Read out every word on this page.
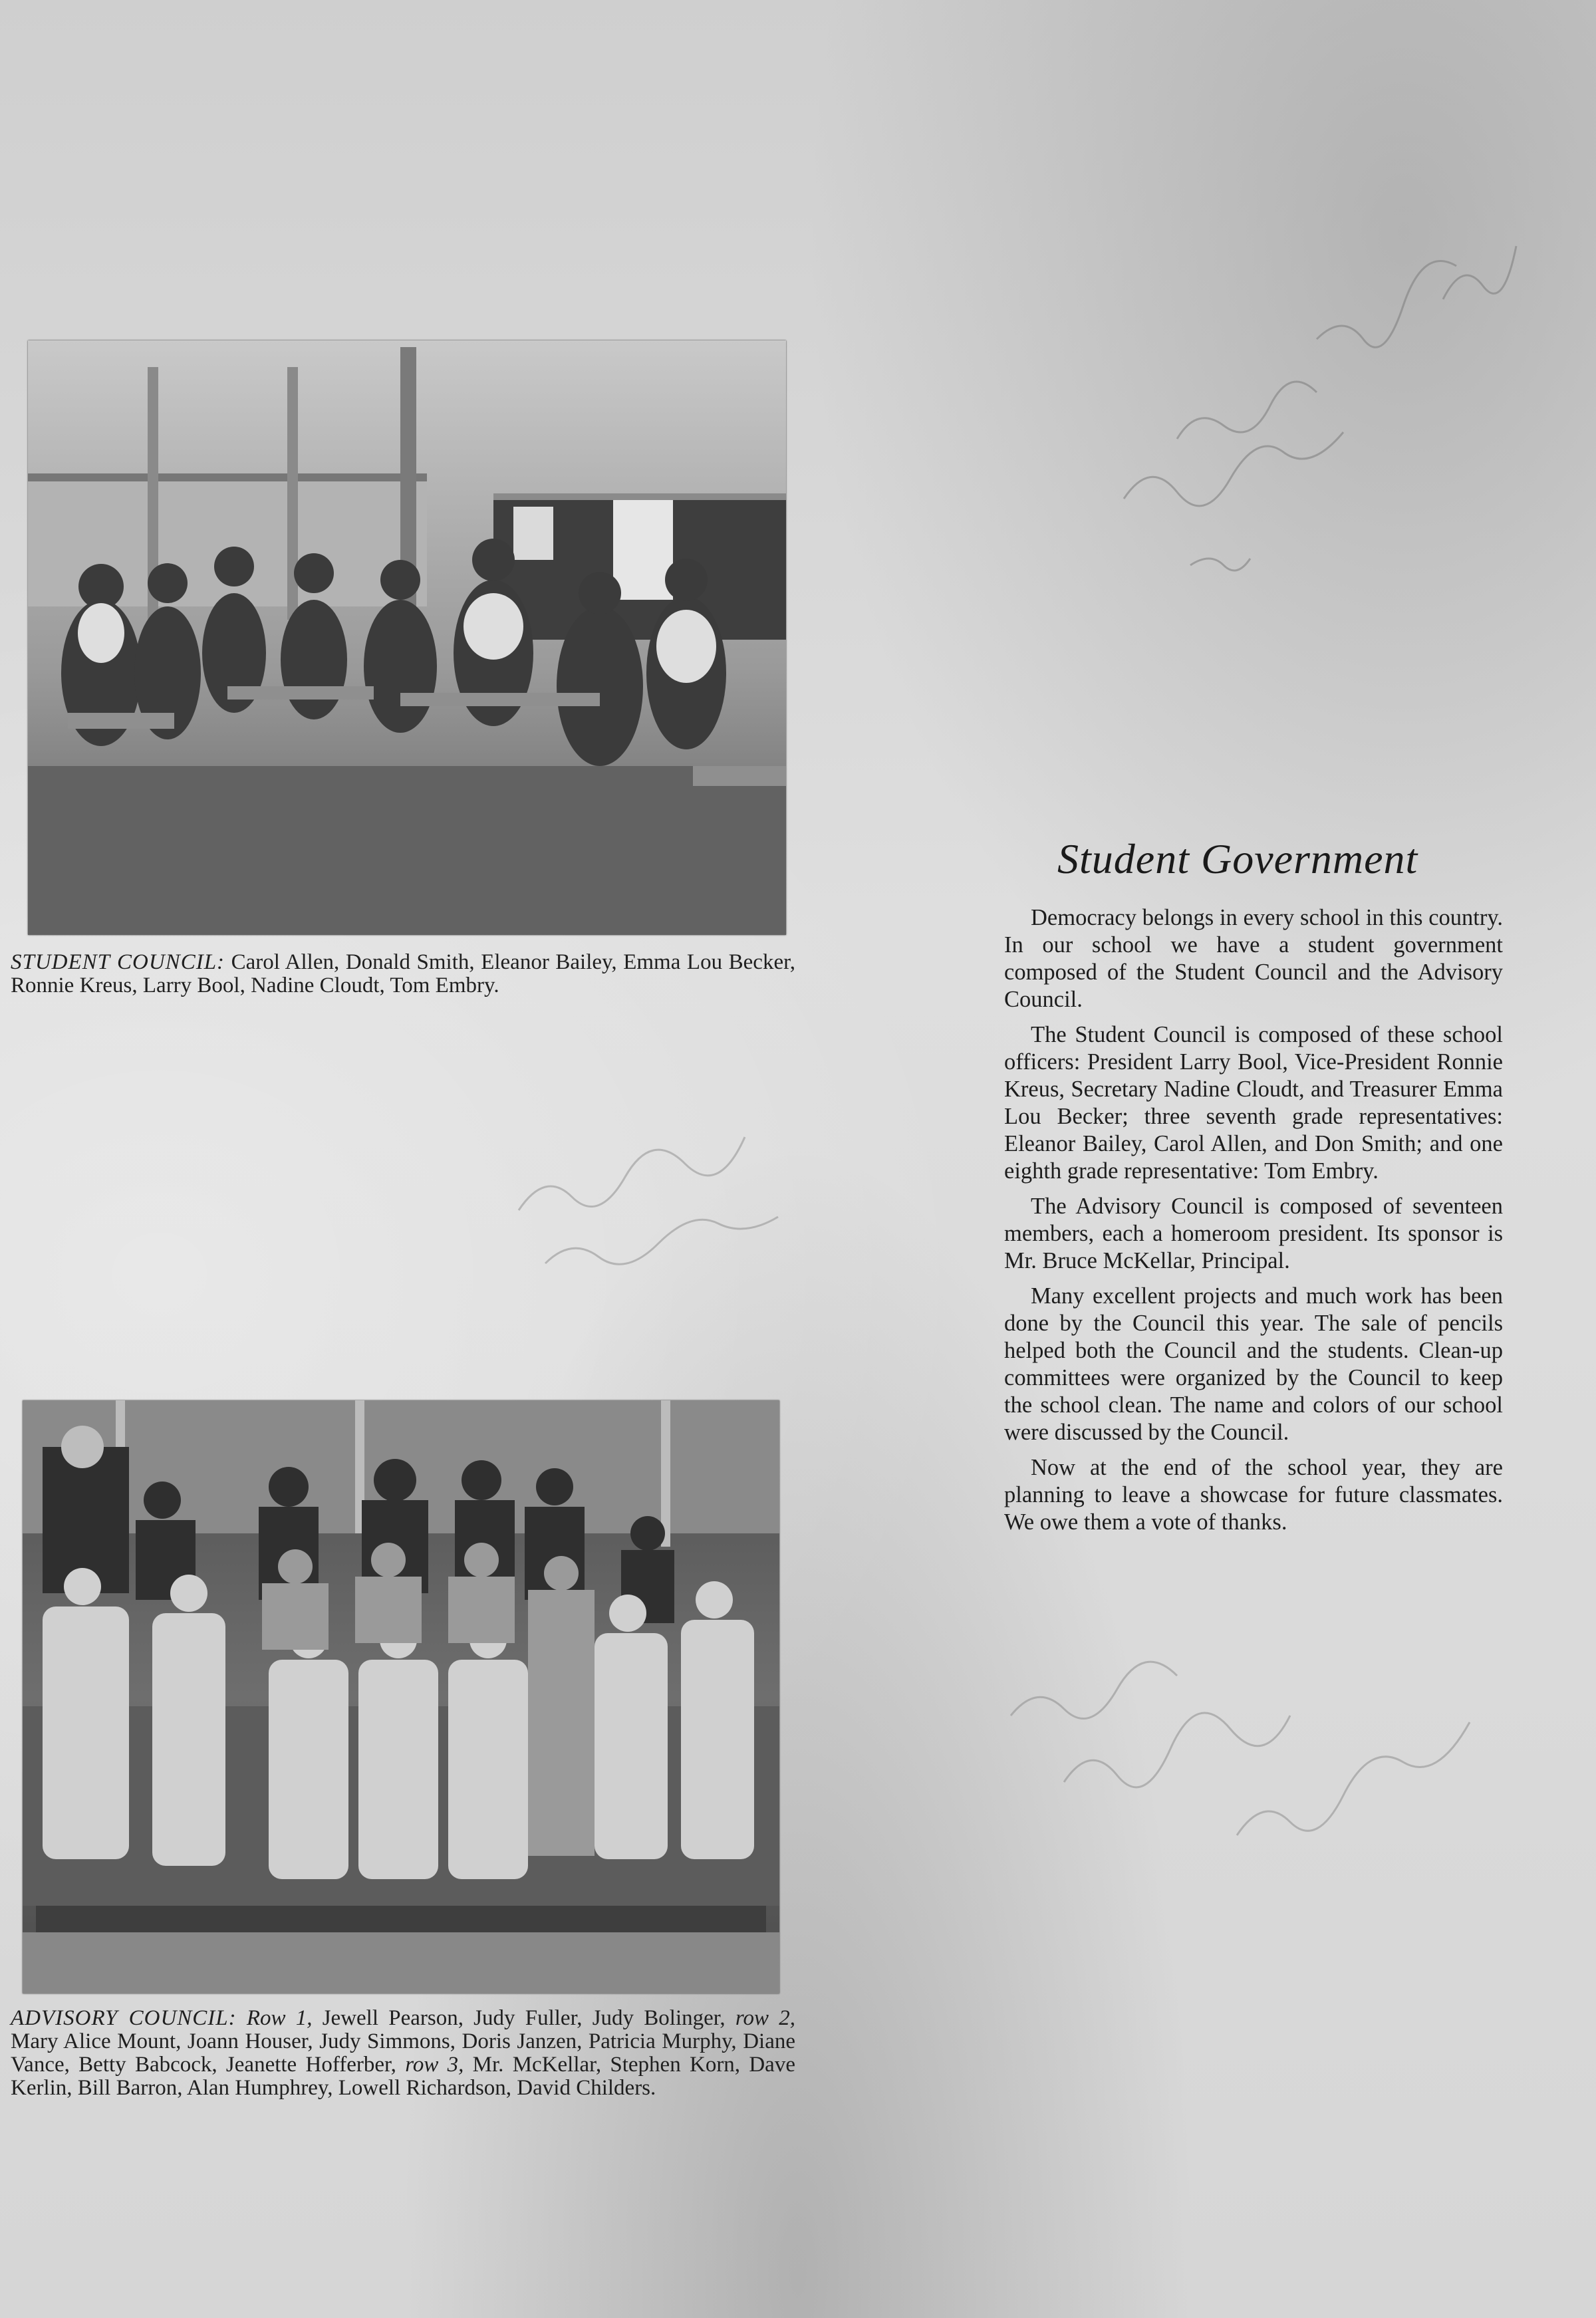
STUDENT COUNCIL: Carol Allen, Donald Smith, Eleanor Bailey, Emma Lou Becker, Ronnie Kreus, Larry Bool, Nadine Cloudt, Tom Embry.
ADVISORY COUNCIL: Row 1, Jewell Pearson, Judy Fuller, Judy Bolinger, row 2, Mary Alice Mount, Joann Houser, Judy Simmons, Doris Janzen, Patricia Murphy, Diane Vance, Betty Babcock, Jeanette Hofferber, row 3, Mr. McKellar, Stephen Korn, Dave Kerlin, Bill Barron, Alan Humphrey, Lowell Richardson, David Childers.
Student Government

Democracy belongs in every school in this country. In our school we have a student government composed of the Student Council and the Advisory Council.

The Student Council is composed of these school officers: President Larry Bool, Vice-President Ronnie Kreus, Secretary Nadine Cloudt, and Treasurer Emma Lou Becker; three seventh grade representatives: Eleanor Bailey, Carol Allen, and Don Smith; and one eighth grade representative: Tom Embry.

The Advisory Council is composed of seventeen members, each a homeroom president. Its sponsor is Mr. Bruce McKellar, Principal.

Many excellent projects and much work has been done by the Council this year. The sale of pencils helped both the Council and the students. Clean-up committees were organized by the Council to keep the school clean. The name and colors of our school were discussed by the Council.

Now at the end of the school year, they are planning to leave a showcase for future classmates. We owe them a vote of thanks.
